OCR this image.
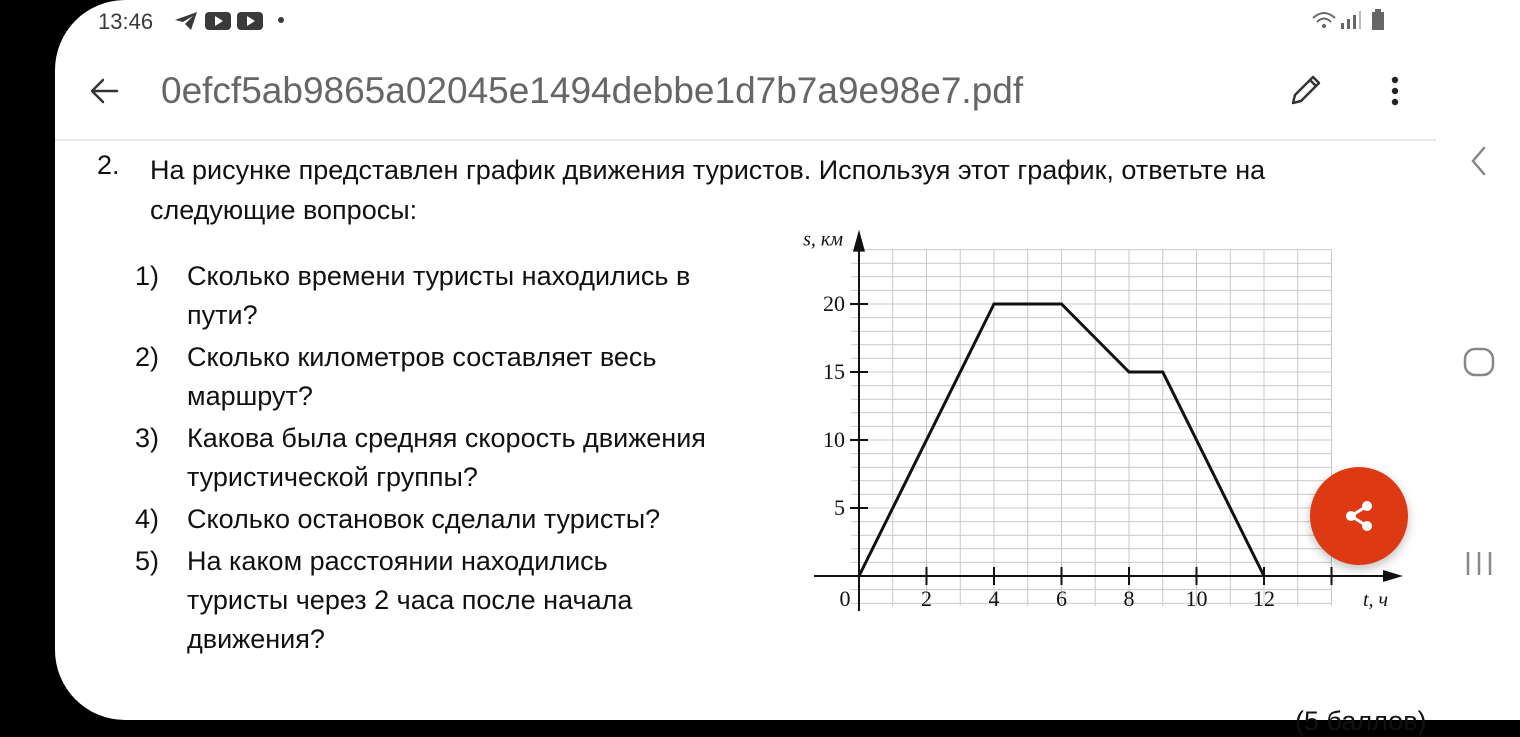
13:46
0efcf5ab9865a02045e1494debbe1d7b7a9e98e7.pdf
2. На рисунке представлен график движения туристов. Используя этот график, ответьте на следующие вопросы:

1)	Сколько времени туристы находились в пути?
2)	Сколько километров составляет весь маршрут?
3)	Какова была средняя скорость движения туристической группы?
4)	Сколько остановок сделали туристы?
5)	На каком расстоянии находились туристы через 2 часа после начала движения?
0	2	4	6	8 10 12
5
10
15
20
s, км
t, ч
(5 баллов)
